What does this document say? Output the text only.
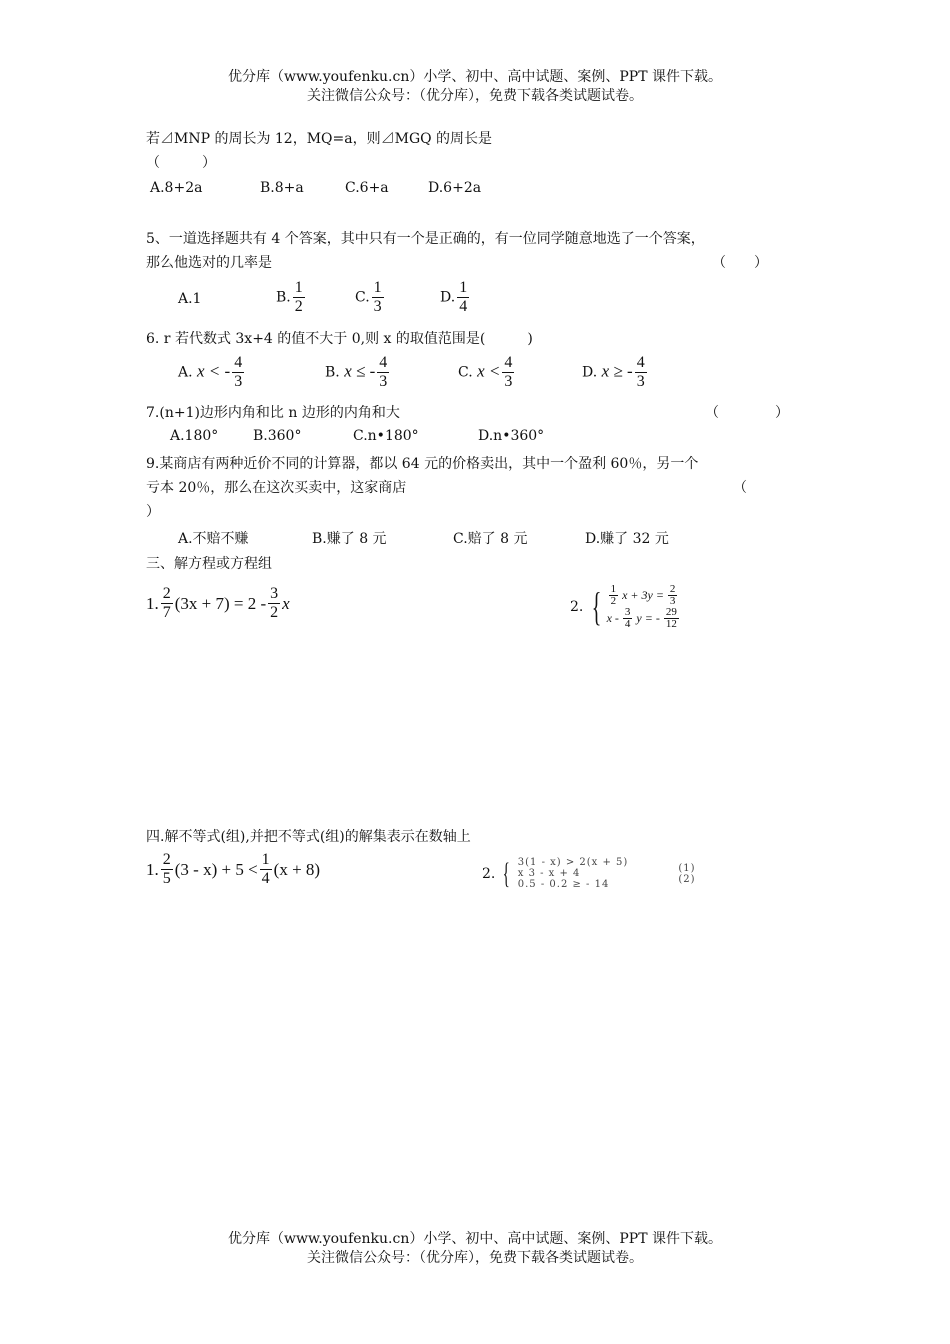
优分库（www.youfenku.cn）小学、初中、高中试题、案例、PPT 课件下载。
关注微信公众号：（优分库），免费下载各类试题试卷。
若⊿MNP 的周长为 12，MQ=a，则⊿MGQ 的周长是
（　　　）
A.8+2a	B.8+a	C.6+a	D.6+2a
5、一道选择题共有 4 个答案，其中只有一个是正确的，有一位同学随意地选了一个答案，
那么他选对的几率是	（　　）
A.1	B. $\frac{1}{2}$	C. $\frac{1}{3}$	D. $\frac{1}{4}$
6. r 若代数式 3x+4 的值不大于 0,则 x 的取值范围是(　　　)
A. x < - $\frac{4}{3}$	B. x ≤ - $\frac{4}{3}$	C. $x < \frac{4}{3}$	D. x ≥ - $\frac{4}{3}$
7.(n+1)边形内角和比 n 边形的内角和大	（　　　　）
A.180° B.360°	C.n•180°	D.n•360°
9.某商店有两种近价不同的计算器，都以 64 元的价格卖出，其中一个盈利 60％，另一个
亏本 20％，那么在这次买卖中，这家商店	（
）
A.不赔不赚	B.赚了 8 元	C.赔了 8 元	D.赚了 32 元
三、解方程或方程组
1. $\frac{2}{7} (3x + 7) = 2 - \frac{3}{2}$ x	2. { $\frac{1}{2}$ $x + 3y = \frac{2}{3}$
x - $\frac{3}{4}$ y = - $\frac{29}{12}$
四.解不等式(组),并把不等式(组)的解集表示在数轴上
1. $\frac{2}{5} (3 - x) + 5 < \frac{1}{4} (x + 8)$	2. { 3(1 - x) > 2(x + 5)
x 3 - x + 4
0.5 - 0.2 ≥ - 14
(1)
(2)
优分库（www.youfenku.cn）小学、初中、高中试题、案例、PPT 课件下载。
关注微信公众号：（优分库），免费下载各类试题试卷。
